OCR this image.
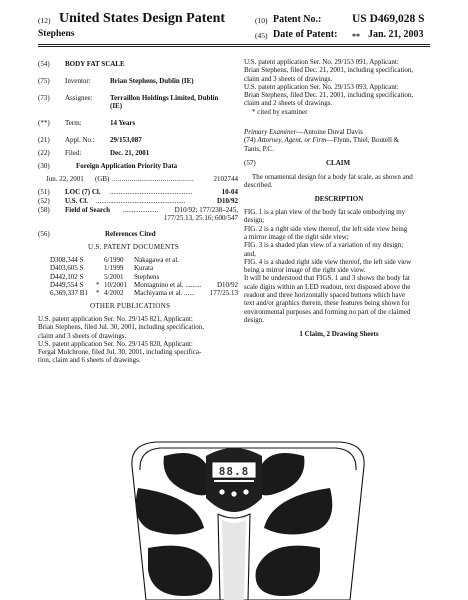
(12) United States Design Patent
Stephens
(10) Patent No.:	US D469,028 S
(45) Date of Patent: ** Jan. 21, 2003
(54)	BODY FAT SCALE
(75)	Inventor:	Brian Stephens, Dublin (IE)
(73)	Assignee: Terraillon Holdings Limited, Dublin
(IE)
(**)	Term:	14 Years
(21)	Appl. No.: 29/153,087
(22)	Filed:	Dec. 21, 2001
(30)	Foreign Application Priority Data
Jun. 22, 2001 (GB) ..........................................	2102744
(51)	LOC (7) Cl. ...............................................	10-04
(52)	U.S. Cl. ...................................................	D10/92
(58)	Field of Search .................... D10/92; 177/238–245,
177/25.13, 25.16; 600/547
(56)	References Cited
U.S. PATENT DOCUMENTS
D308,344 S	6/1990 Nakagawa et al.
D403,605 S	1/1999 Kurata
D442,102 S	5/2001 Stephens
D449,554 S * 10/2001 Montagnino et al. ......... D10/92
6,369,337 B1 * 4/2002 Machiyama et al. ...... 177/25.13
OTHER PUBLICATIONS
U.S. patent application Ser. No. 29/145 821, Applicant:
Brian Stephens, filed Jul. 30, 2001, including specification,
claim and 3 sheets of drawings.
U.S. patent application Ser. No. 29/145 820, Applicant:
Fergal Mulchrone, filed Jul. 30, 2001, including specifica-
tion, claim and 6 sheets of drawings.
U.S. patent application Ser. No. 29/153 091, Applicant:
Brian Stephens, filed Dec. 21, 2001, including specification,
claim and 3 sheets of drawings.
U.S. patent application Ser. No. 29/153 093, Applicant:
Brian Stephens, filed Dec. 21, 2001, including specification,
claim and 2 sheets of drawings.
* cited by examiner
Primary Examiner—Antoine Duval Davis
(74) Attorney, Agent, or Firm—Flynn, Thiel, Boutell &
Tanis, P.C.
(57)	CLAIM
The ornamental design for a body fat scale, as shown and
described.
DESCRIPTION
FIG. 1 is a plan view of the body fat scale embodying my
design;
FIG. 2 is a right side view thereof, the left side view being
a mirror image of the right side view;
FIG. 3 is a shaded plan view of a variation of my design;
and,
FIG. 4 is a shaded right side view thereof, the left side view
being a mirror image of the right side view.
It will be understood that FIGS. 1 and 3 shows the body fat
scale digits within an LED readout, text disposed above the
readout and three horizontally spaced buttons which have
text and/or graphics therein, these features being shown for
environmental purposes and forming no part of the claimed
design.
1 Claim, 2 Drawing Sheets
88.8
